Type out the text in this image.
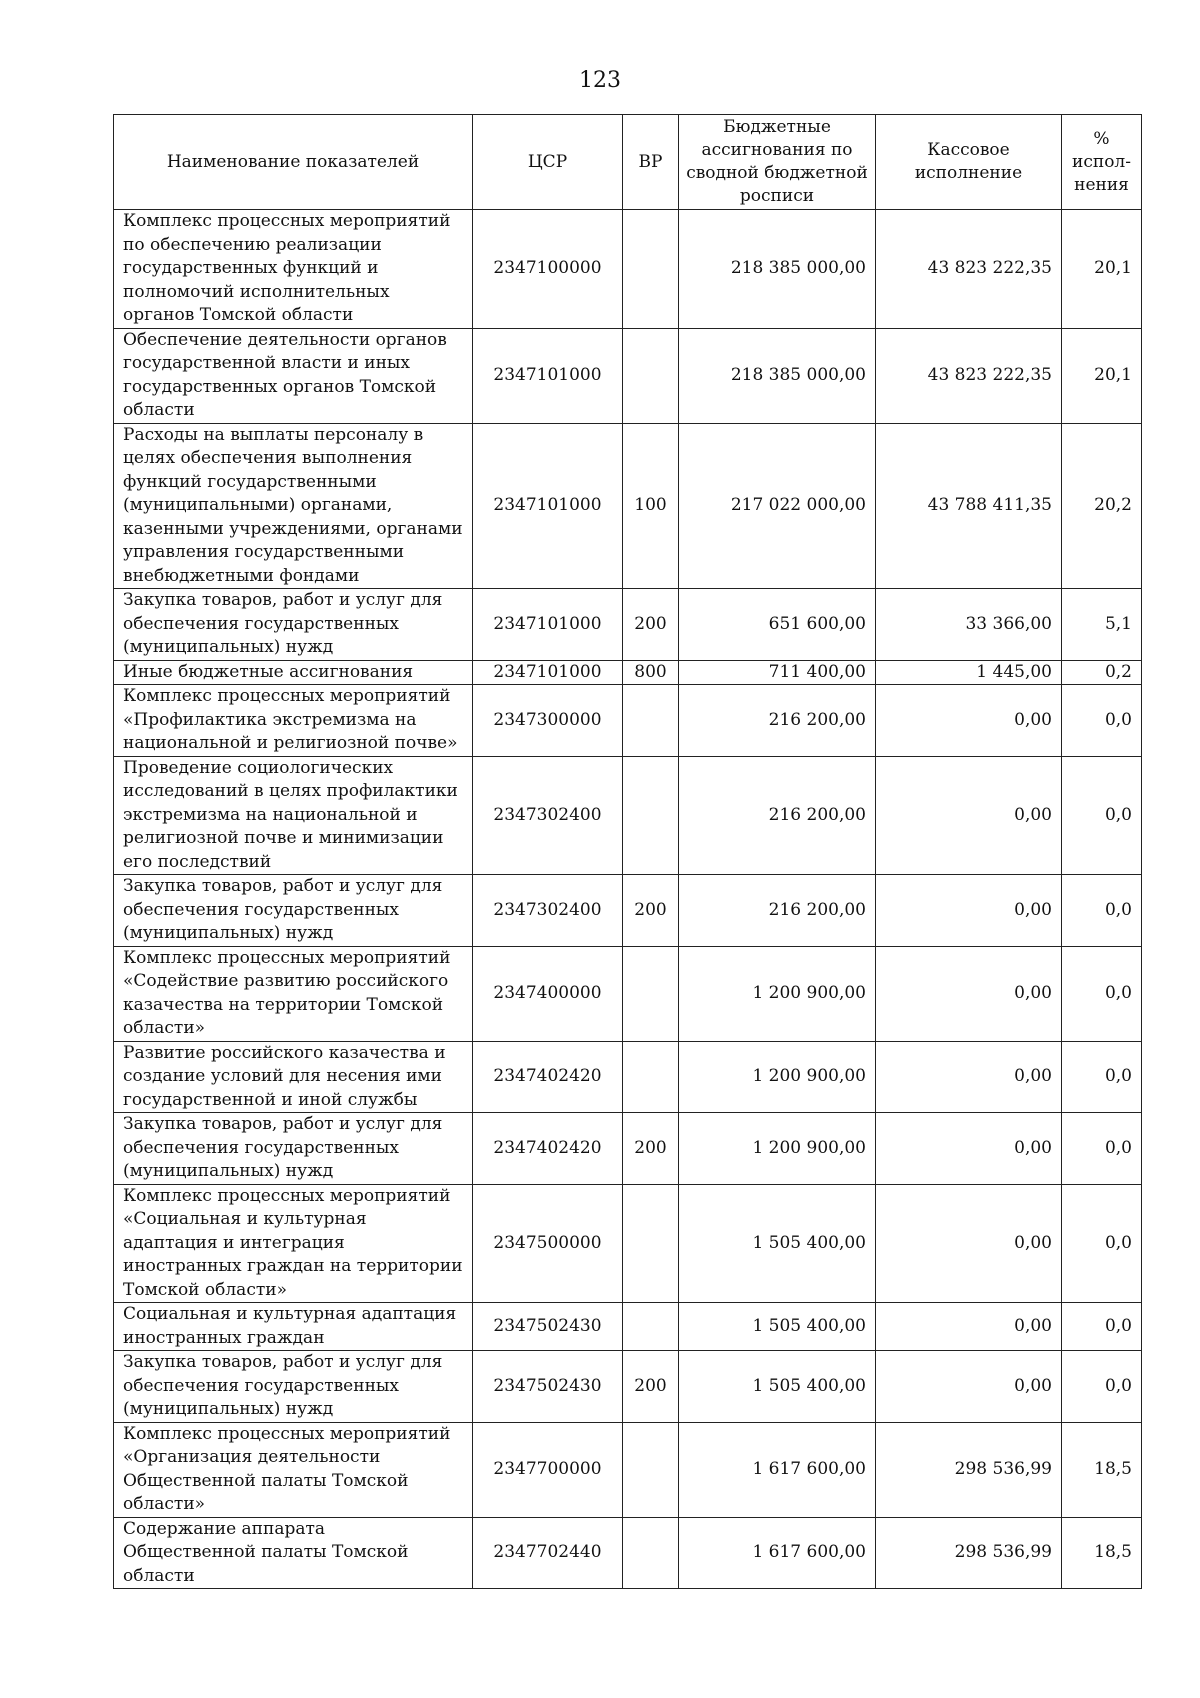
123
Наименование показателей	ЦСР	ВР	Бюджетные ассигнования по сводной бюджетной росписи	Кассовое исполнение	% испол-нения
Комплекс процессных мероприятий по обеспечению реализации государственных функций и полномочий исполнительных органов Томской области	2347100000		218 385 000,00	43 823 222,35	20,1
Обеспечение деятельности органов государственной власти и иных государственных органов Томской области	2347101000		218 385 000,00	43 823 222,35	20,1
Расходы на выплаты персоналу в целях обеспечения выполнения функций государственными (муниципальными) органами, казенными учреждениями, органами управления государственными внебюджетными фондами	2347101000	100	217 022 000,00	43 788 411,35	20,2
Закупка товаров, работ и услуг для обеспечения государственных (муниципальных) нужд	2347101000	200	651 600,00	33 366,00	5,1
Иные бюджетные ассигнования	2347101000	800	711 400,00	1 445,00	0,2
Комплекс процессных мероприятий «Профилактика экстремизма на национальной и религиозной почве»	2347300000		216 200,00	0,00	0,0
Проведение социологических исследований в целях профилактики экстремизма на национальной и религиозной почве и минимизации его последствий	2347302400		216 200,00	0,00	0,0
Закупка товаров, работ и услуг для обеспечения государственных (муниципальных) нужд	2347302400	200	216 200,00	0,00	0,0
Комплекс процессных мероприятий «Содействие развитию российского казачества на территории Томской области»	2347400000		1 200 900,00	0,00	0,0
Развитие российского казачества и создание условий для несения ими государственной и иной службы	2347402420		1 200 900,00	0,00	0,0
Закупка товаров, работ и услуг для обеспечения государственных (муниципальных) нужд	2347402420	200	1 200 900,00	0,00	0,0
Комплекс процессных мероприятий «Социальная и культурная адаптация и интеграция иностранных граждан на территории Томской области»	2347500000		1 505 400,00	0,00	0,0
Социальная и культурная адаптация иностранных граждан	2347502430		1 505 400,00	0,00	0,0
Закупка товаров, работ и услуг для обеспечения государственных (муниципальных) нужд	2347502430	200	1 505 400,00	0,00	0,0
Комплекс процессных мероприятий «Организация деятельности Общественной палаты Томской области»	2347700000		1 617 600,00	298 536,99	18,5
Содержание аппарата Общественной палаты Томской области	2347702440		1 617 600,00	298 536,99	18,5
